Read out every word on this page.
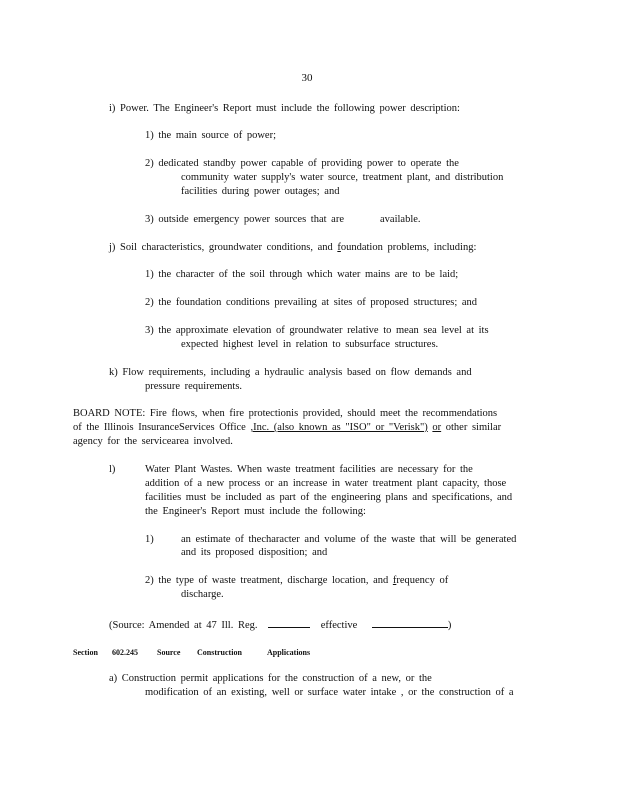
30
i) Power. The Engineer's Report must include the following power description:
1) the main source of power;
2) dedicated standby power capable of providing power to operate the
community water supply's water source, treatment plant, and distribution
facilities during power outages; and
3) outside emergency power sources that are	available.
j) Soil characteristics, groundwater conditions, and foundation problems, including:
1) the character of the soil through which water mains are to be laid;
2) the foundation conditions prevailing at sites of proposed structures; and
3) the approximate elevation of groundwater relative to mean sea level at its
expected highest level in relation to subsurface structures.
k) Flow requirements, including a hydraulic analysis based on flow demands and
pressure requirements.
BOARD NOTE: Fire flows, when fire protectionis provided, should meet the recommendations
of the Illinois InsuranceServices Office ,Inc. (also known as "ISO" or "Verisk") or other similar
agency for the servicearea involved.
l)	Water Plant Wastes. When waste treatment facilities are necessary for the
addition of a new process or an increase in water treatment plant capacity, those
facilities must be included as part of the engineering plans and specifications, and
the Engineer's Report must include the following:
1)	an estimate of thecharacter and volume of the waste that will be generated
and its proposed disposition; and
2) the type of waste treatment, discharge location, and frequency of
discharge.
(Source: Amended at 47 Ill. Reg.	effective	)
Section 602.245 Source Construction	Applications
a) Construction permit applications for the construction of a new, or the
modification of an existing, well or surface water intake , or the construction of a
